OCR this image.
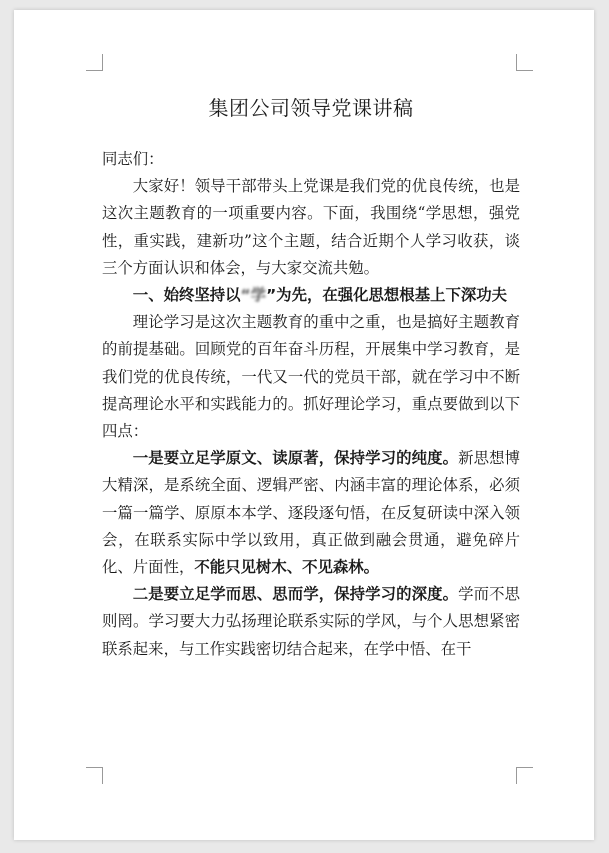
集团公司领导党课讲稿

同志们：

大家好！领导干部带头上党课是我们党的优良传统，也是这次主题教育的一项重要内容。下面，我围绕“学思想，强党性，重实践，建新功”这个主题，结合近期个人学习收获，谈三个方面认识和体会，与大家交流共勉。

一、始终坚持以“学”为先，在强化思想根基上下深功夫

理论学习是这次主题教育的重中之重，也是搞好主题教育的前提基础。回顾党的百年奋斗历程，开展集中学习教育，是我们党的优良传统，一代又一代的党员干部，就在学习中不断提高理论水平和实践能力的。抓好理论学习，重点要做到以下四点：

一是要立足学原文、读原著，保持学习的纯度。新思想博大精深，是系统全面、逻辑严密、内涵丰富的理论体系，必须一篇一篇学、原原本本学、逐段逐句悟，在反复研读中深入领会，在联系实际中学以致用，真正做到融会贯通，避免碎片化、片面性，不能只见树木、不见森林。

二是要立足学而思、思而学，保持学习的深度。学而不思则罔。学习要大力弘扬理论联系实际的学风，与个人思想紧密联系起来，与工作实践密切结合起来，在学中悟、在干
